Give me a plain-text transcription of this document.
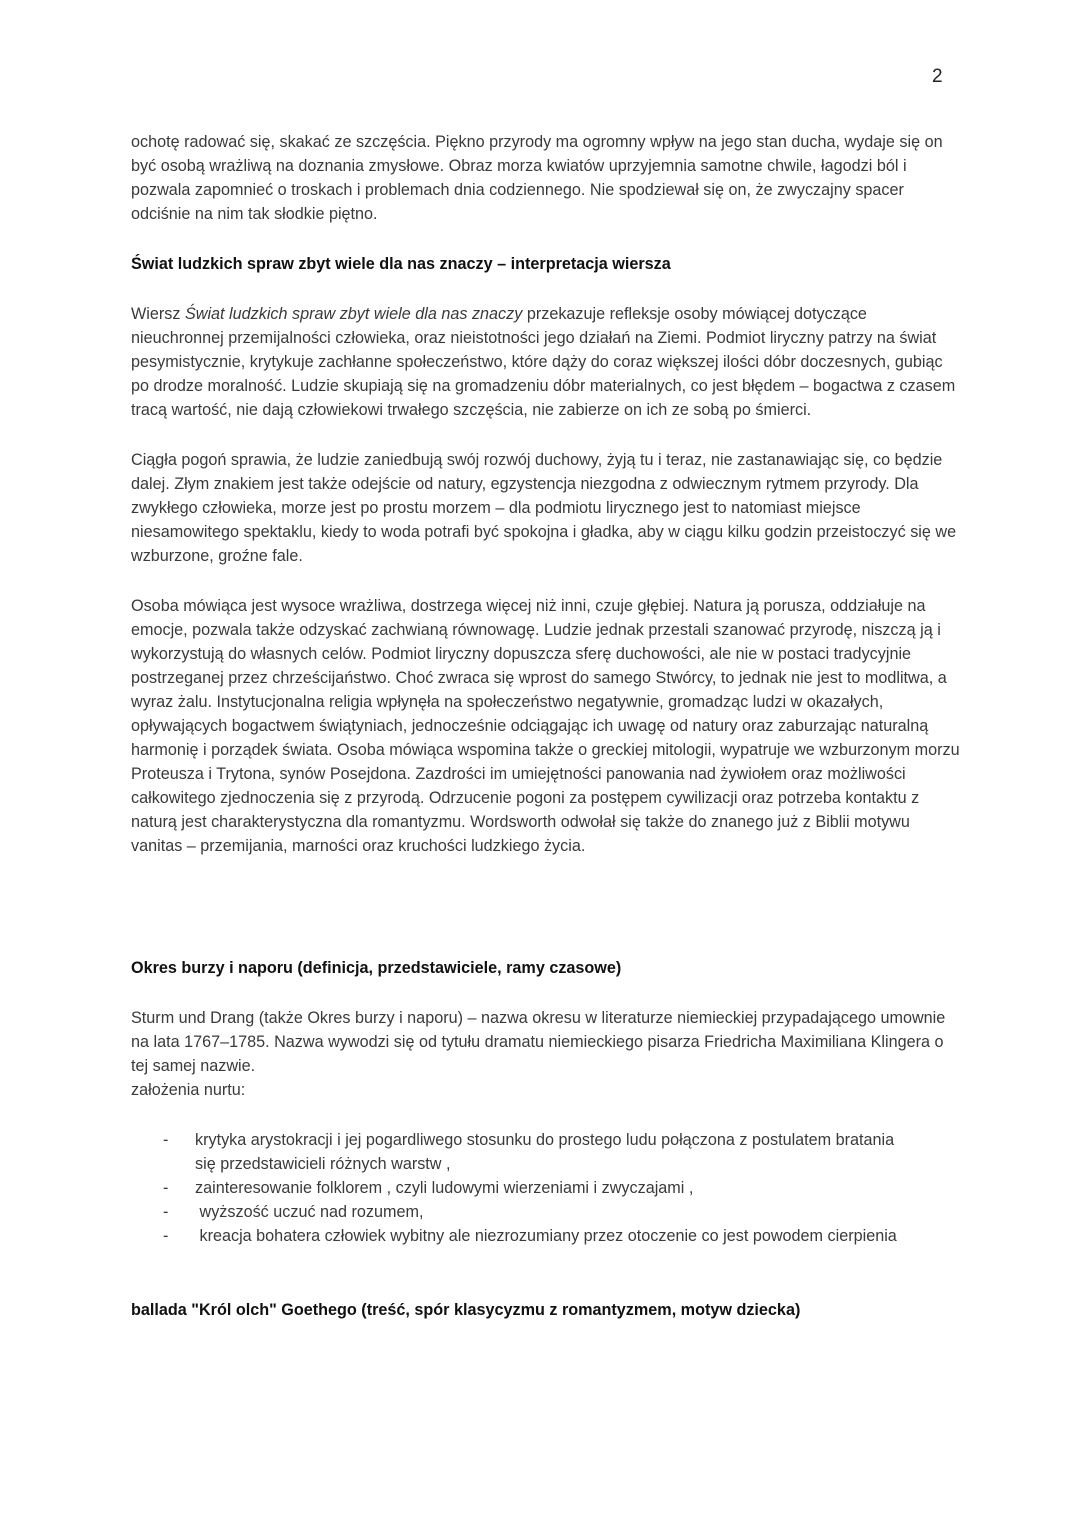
2

ochotę radować się, skakać ze szczęścia. Piękno przyrody ma ogromny wpływ na jego stan ducha, wydaje się on być osobą wrażliwą na doznania zmysłowe. Obraz morza kwiatów uprzyjemnia samotne chwile, łagodzi ból i pozwala zapomnieć o troskach i problemach dnia codziennego. Nie spodziewał się on, że zwyczajny spacer odciśnie na nim tak słodkie piętno.

Świat ludzkich spraw zbyt wiele dla nas znaczy – interpretacja wiersza

Wiersz Świat ludzkich spraw zbyt wiele dla nas znaczy przekazuje refleksje osoby mówiącej dotyczące nieuchronnej przemijalności człowieka, oraz nieistotności jego działań na Ziemi. Podmiot liryczny patrzy na świat pesymistycznie, krytykuje zachłanne społeczeństwo, które dąży do coraz większej ilości dóbr doczesnych, gubiąc po drodze moralność. Ludzie skupiają się na gromadzeniu dóbr materialnych, co jest błędem – bogactwa z czasem tracą wartość, nie dają człowiekowi trwałego szczęścia, nie zabierze on ich ze sobą po śmierci.

Ciągła pogoń sprawia, że ludzie zaniedbują swój rozwój duchowy, żyją tu i teraz, nie zastanawiając się, co będzie dalej. Złym znakiem jest także odejście od natury, egzystencja niezgodna z odwiecznym rytmem przyrody. Dla zwykłego człowieka, morze jest po prostu morzem – dla podmiotu lirycznego jest to natomiast miejsce niesamowitego spektaklu, kiedy to woda potrafi być spokojna i gładka, aby w ciągu kilku godzin przeistoczyć się we wzburzone, groźne fale.

Osoba mówiąca jest wysoce wrażliwa, dostrzega więcej niż inni, czuje głębiej. Natura ją porusza, oddziałuje na emocje, pozwala także odzyskać zachwianą równowagę. Ludzie jednak przestali szanować przyrodę, niszczą ją i wykorzystują do własnych celów. Podmiot liryczny dopuszcza sferę duchowości, ale nie w postaci tradycyjnie postrzeganej przez chrześcijaństwo. Choć zwraca się wprost do samego Stwórcy, to jednak nie jest to modlitwa, a wyraz żalu. Instytucjonalna religia wpłynęła na społeczeństwo negatywnie, gromadząc ludzi w okazałych, opływających bogactwem świątyniach, jednocześnie odciągając ich uwagę od natury oraz zaburzając naturalną harmonię i porządek świata. Osoba mówiąca wspomina także o greckiej mitologii, wypatruje we wzburzonym morzu Proteusza i Trytona, synów Posejdona. Zazdrości im umiejętności panowania nad żywiołem oraz możliwości całkowitego zjednoczenia się z przyrodą. Odrzucenie pogoni za postępem cywilizacji oraz potrzeba kontaktu z naturą jest charakterystyczna dla romantyzmu. Wordsworth odwołał się także do znanego już z Biblii motywu vanitas – przemijania, marności oraz kruchości ludzkiego życia.

Okres burzy i naporu (definicja, przedstawiciele, ramy czasowe)

Sturm und Drang (także Okres burzy i naporu) – nazwa okresu w literaturze niemieckiej przypadającego umownie na lata 1767–1785. Nazwa wywodzi się od tytułu dramatu niemieckiego pisarza Friedricha Maximiliana Klingera o tej samej nazwie.

założenia nurtu:

- krytyka arystokracji i jej pogardliwego stosunku do prostego ludu połączona z postulatem bratania się przedstawicieli różnych warstw ,
- zainteresowanie folklorem , czyli ludowymi wierzeniami i zwyczajami ,
- wyższość uczuć nad rozumem,
- kreacja bohatera człowiek wybitny ale niezrozumiany przez otoczenie co jest powodem cierpienia

ballada "Król olch" Goethego (treść, spór klasycyzmu z romantyzmem, motyw dziecka)
